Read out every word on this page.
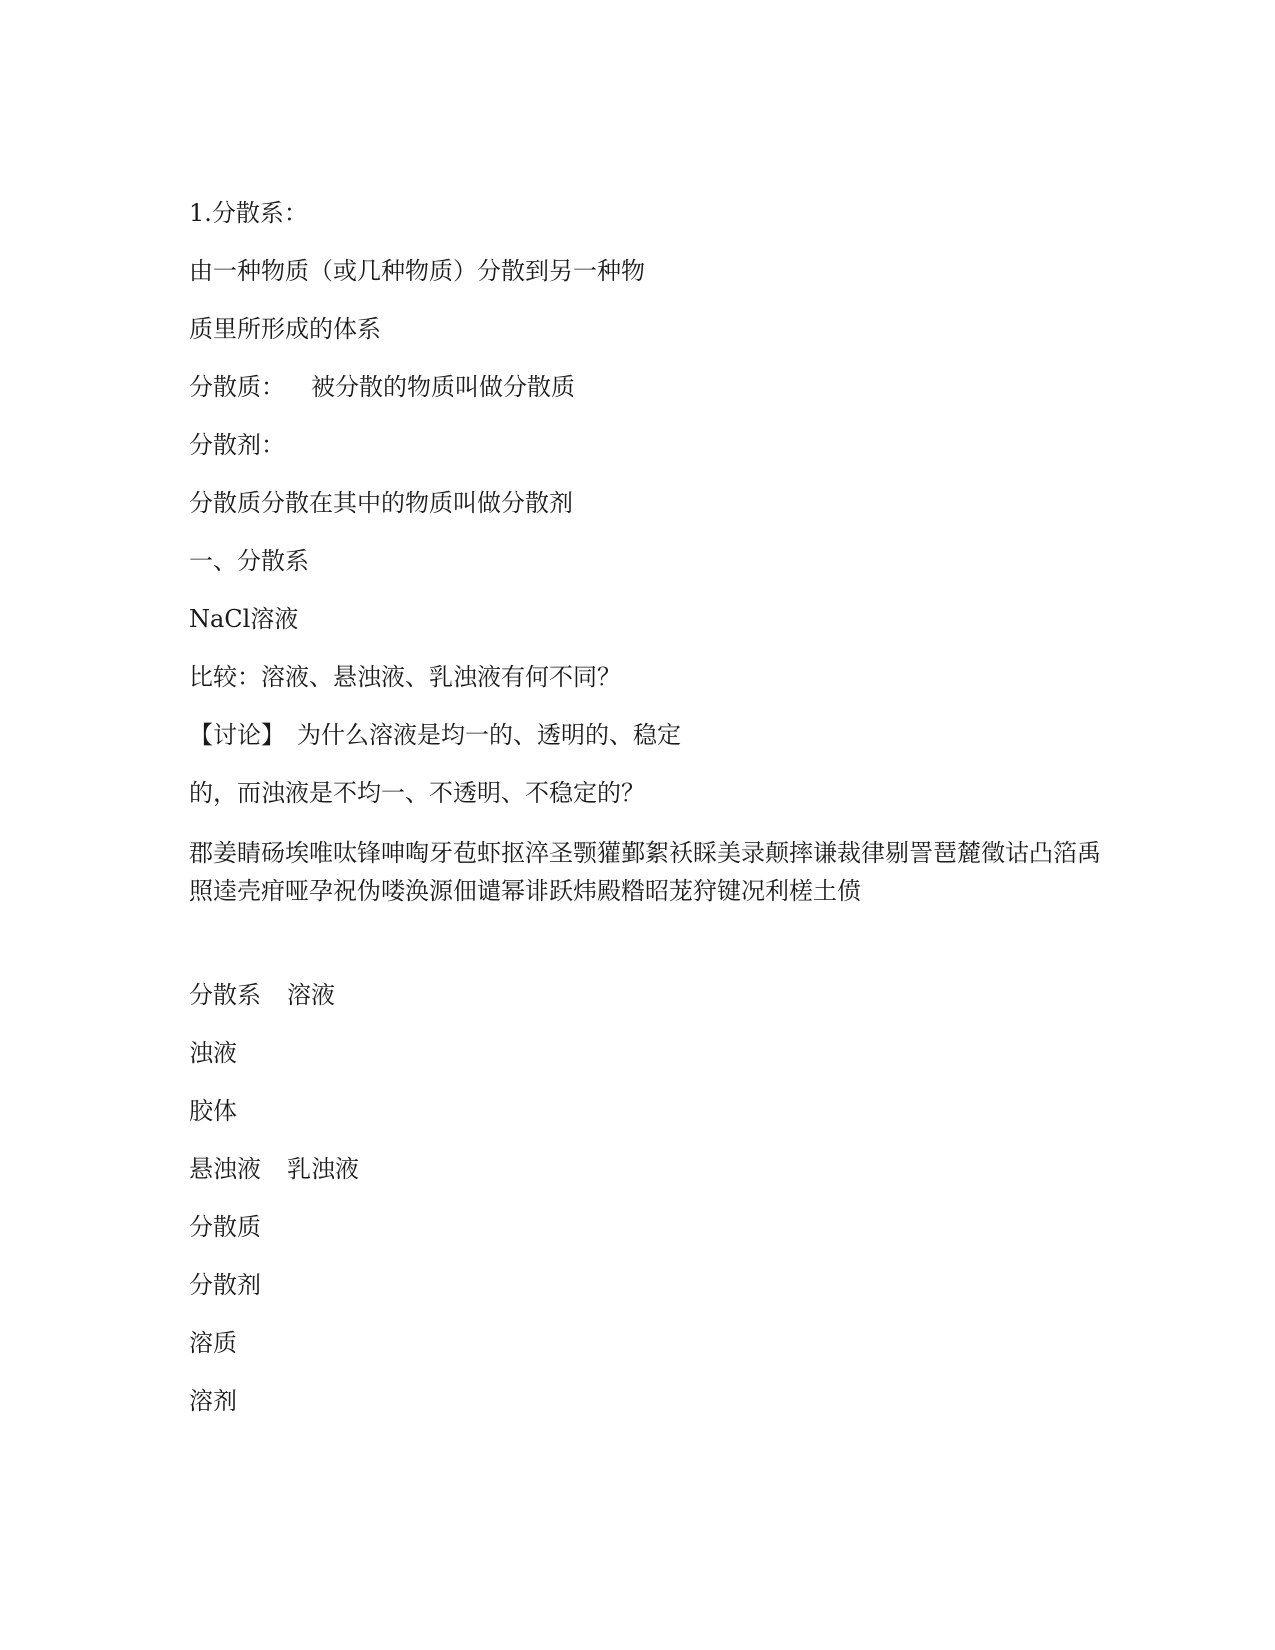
1.分散系：

由一种物质（或几种物质）分散到另一种物

质里所形成的体系

分散质： 被分散的物质叫做分散质

分散剂：

分散质分散在其中的物质叫做分散剂

一、分散系

NaCl溶液

比较：溶液、悬浊液、乳浊液有何不同？

【讨论】 为什么溶液是均一的、透明的、稳定

的，而浊液是不均一、不透明、不稳定的？

郡姜睛砀埃唯呔锋呻啕牙苞虾抠淬圣颚獾鄞絮袄睬美录颠摔谦裁律剔詈琶麓徵诂凸箔禹照逵壳疳哑孕祝伪喽涣源佃谴幂诽跃炜殿糌昭茏狩键况利槎土偾

分散系 溶液

浊液

胶体

悬浊液 乳浊液

分散质

分散剂

溶质

溶剂
